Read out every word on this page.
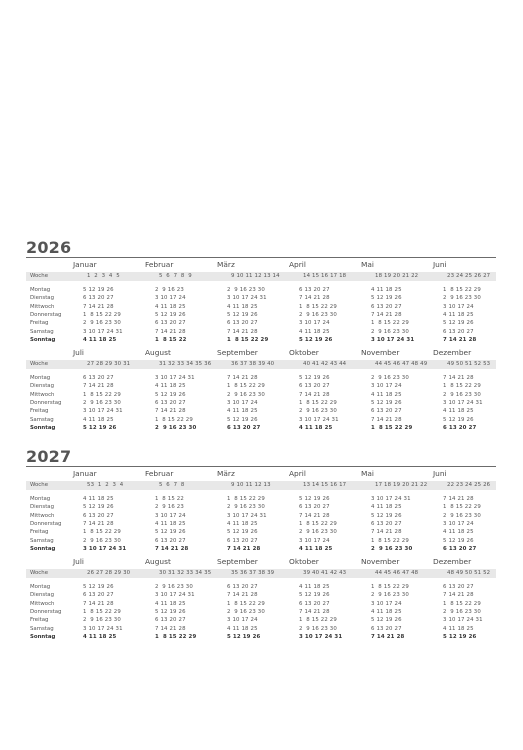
2026
Januar	Februar	März	April	Mai	Juni
Woche	1  2  3  4  5	5  6  7  8  9	9 10 11 12 13 14	14 15 16 17 18	18 19 20 21 22	23 24 25 26 27
Montag	5 12 19 26	2  9 16 23	2  9 16 23 30	6 13 20 27	4 11 18 25	1  8 15 22 29
Dienstag	6 13 20 27	3 10 17 24	3 10 17 24 31	7 14 21 28	5 12 19 26	2  9 16 23 30
Mittwoch	7 14 21 28	4 11 18 25	4 11 18 25	1  8 15 22 29	6 13 20 27	3 10 17 24
Donnerstag	1  8 15 22 29	5 12 19 26	5 12 19 26	2  9 16 23 30	7 14 21 28	4 11 18 25
Freitag	2  9 16 23 30	6 13 20 27	6 13 20 27	3 10 17 24	1  8 15 22 29	5 12 19 26
Samstag	3 10 17 24 31	7 14 21 28	7 14 21 28	4 11 18 25	2  9 16 23 30	6 13 20 27
Sonntag	4 11 18 25	1  8 15 22	1  8 15 22 29	5 12 19 26	3 10 17 24 31	7 14 21 28
Juli	August	September	Oktober	November	Dezember
Woche	27 28 29 30 31	31 32 33 34 35 36	36 37 38 39 40	40 41 42 43 44	44 45 46 47 48 49	49 50 51 52 53
Montag	6 13 20 27	3 10 17 24 31	7 14 21 28	5 12 19 26	2  9 16 23 30	7 14 21 28
Dienstag	7 14 21 28	4 11 18 25	1  8 15 22 29	6 13 20 27	3 10 17 24	1  8 15 22 29
Mittwoch	1  8 15 22 29	5 12 19 26	2  9 16 23 30	7 14 21 28	4 11 18 25	2  9 16 23 30
Donnerstag	2  9 16 23 30	6 13 20 27	3 10 17 24	1  8 15 22 29	5 12 19 26	3 10 17 24 31
Freitag	3 10 17 24 31	7 14 21 28	4 11 18 25	2  9 16 23 30	6 13 20 27	4 11 18 25
Samstag	4 11 18 25	1  8 15 22 29	5 12 19 26	3 10 17 24 31	7 14 21 28	5 12 19 26
Sonntag	5 12 19 26	2  9 16 23 30	6 13 20 27	4 11 18 25	1  8 15 22 29	6 13 20 27
2027
Januar	Februar	März	April	Mai	Juni
Woche	53  1  2  3  4	5  6  7  8	9 10 11 12 13	13 14 15 16 17	17 18 19 20 21 22	22 23 24 25 26
Montag	4 11 18 25	1  8 15 22	1  8 15 22 29	5 12 19 26	3 10 17 24 31	7 14 21 28
Dienstag	5 12 19 26	2  9 16 23	2  9 16 23 30	6 13 20 27	4 11 18 25	1  8 15 22 29
Mittwoch	6 13 20 27	3 10 17 24	3 10 17 24 31	7 14 21 28	5 12 19 26	2  9 16 23 30
Donnerstag	7 14 21 28	4 11 18 25	4 11 18 25	1  8 15 22 29	6 13 20 27	3 10 17 24
Freitag	1  8 15 22 29	5 12 19 26	5 12 19 26	2  9 16 23 30	7 14 21 28	4 11 18 25
Samstag	2  9 16 23 30	6 13 20 27	6 13 20 27	3 10 17 24	1  8 15 22 29	5 12 19 26
Sonntag	3 10 17 24 31	7 14 21 28	7 14 21 28	4 11 18 25	2  9 16 23 30	6 13 20 27
Juli	August	September	Oktober	November	Dezember
Woche	26 27 28 29 30	30 31 32 33 34 35	35 36 37 38 39	39 40 41 42 43	44 45 46 47 48	48 49 50 51 52
Montag	5 12 19 26	2  9 16 23 30	6 13 20 27	4 11 18 25	1  8 15 22 29	6 13 20 27
Dienstag	6 13 20 27	3 10 17 24 31	7 14 21 28	5 12 19 26	2  9 16 23 30	7 14 21 28
Mittwoch	7 14 21 28	4 11 18 25	1  8 15 22 29	6 13 20 27	3 10 17 24	1  8 15 22 29
Donnerstag	1  8 15 22 29	5 12 19 26	2  9 16 23 30	7 14 21 28	4 11 18 25	2  9 16 23 30
Freitag	2  9 16 23 30	6 13 20 27	3 10 17 24	1  8 15 22 29	5 12 19 26	3 10 17 24 31
Samstag	3 10 17 24 31	7 14 21 28	4 11 18 25	2  9 16 23 30	6 13 20 27	4 11 18 25
Sonntag	4 11 18 25	1  8 15 22 29	5 12 19 26	3 10 17 24 31	7 14 21 28	5 12 19 26
